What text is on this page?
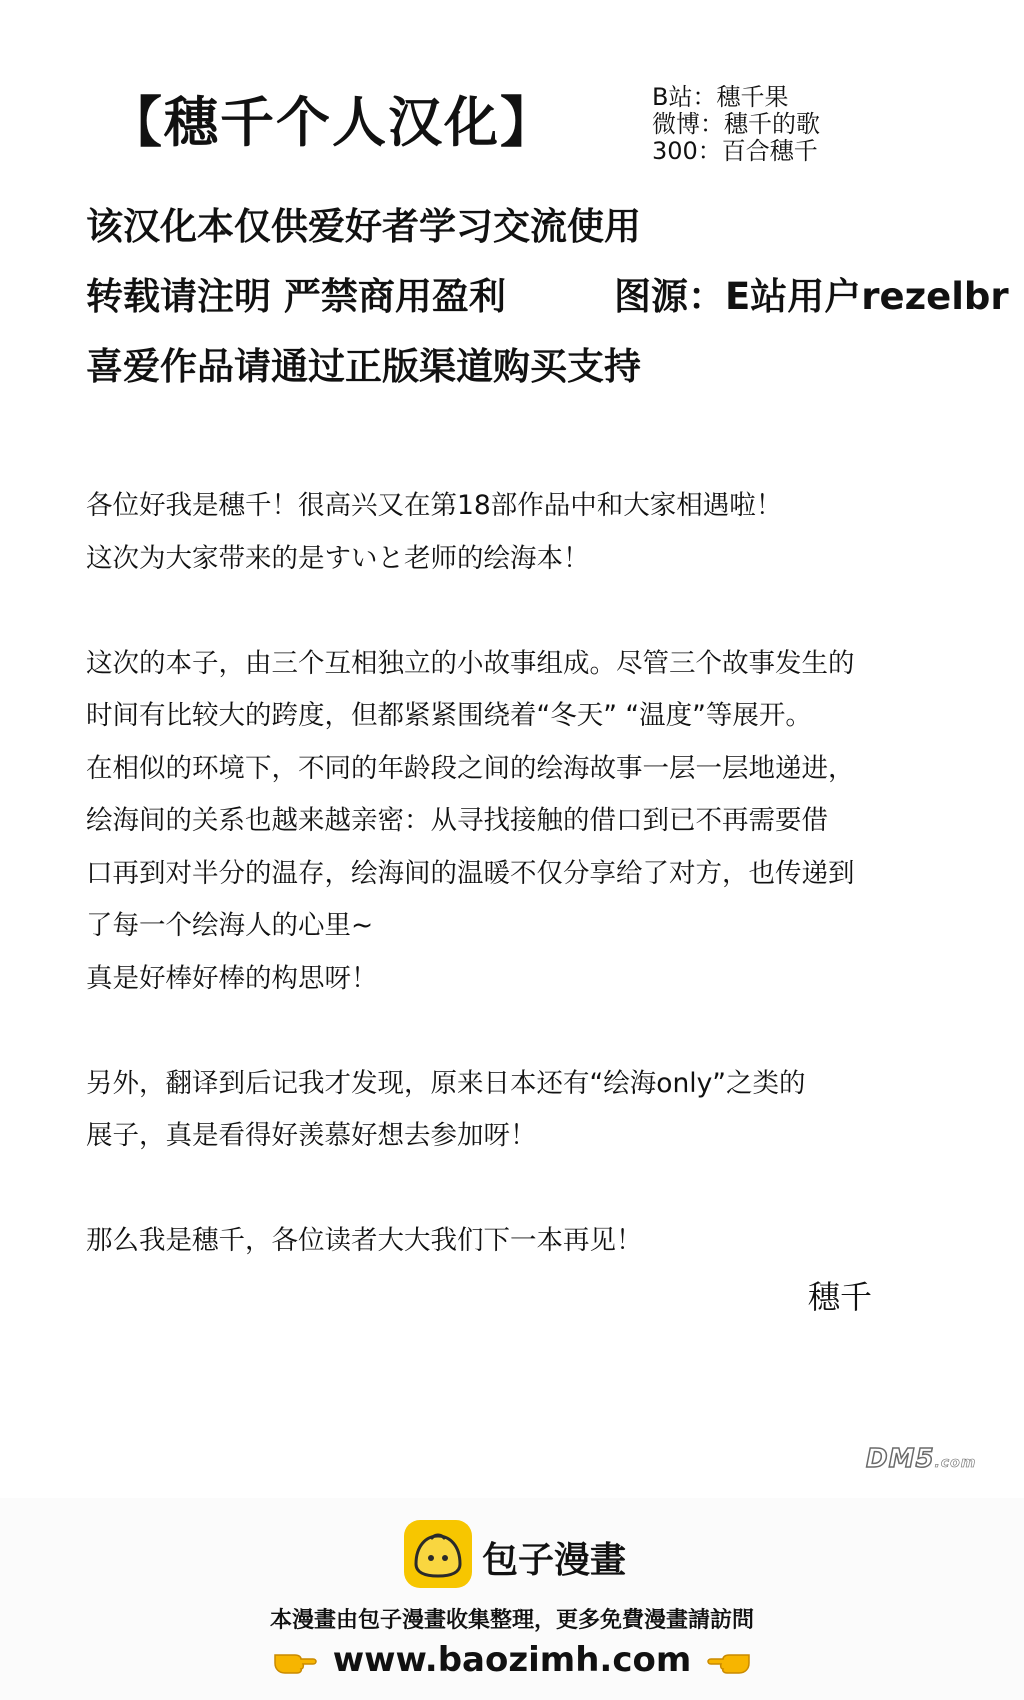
【穗千个人汉化】	B站：穗千果
微博：穗千的歌
300：百合穗千
该汉化本仅供爱好者学习交流使用
转载请注明 严禁商用盈利	图源：E站用户rezelbr
喜爱作品请通过正版渠道购买支持

各位好我是穗千！很高兴又在第18部作品中和大家相遇啦！

这次为大家带来的是すいと老师的绘海本！

这次的本子，由三个互相独立的小故事组成。尽管三个故事发生的

时间有比较大的跨度，但都紧紧围绕着“冬天” “温度”等展开。

在相似的环境下，不同的年龄段之间的绘海故事一层一层地递进，

绘海间的关系也越来越亲密：从寻找接触的借口到已不再需要借

口再到对半分的温存，绘海间的温暖不仅分享给了对方，也传递到

了每一个绘海人的心里~

真是好棒好棒的构思呀！

另外，翻译到后记我才发现，原来日本还有“绘海only”之类的

展子，真是看得好羡慕好想去参加呀！

那么我是穗千，各位读者大大我们下一本再见！

穗千
DM5.com
包子漫畫
本漫畫由包子漫畫收集整理，更多免費漫畫請訪問
www.baozimh.com
